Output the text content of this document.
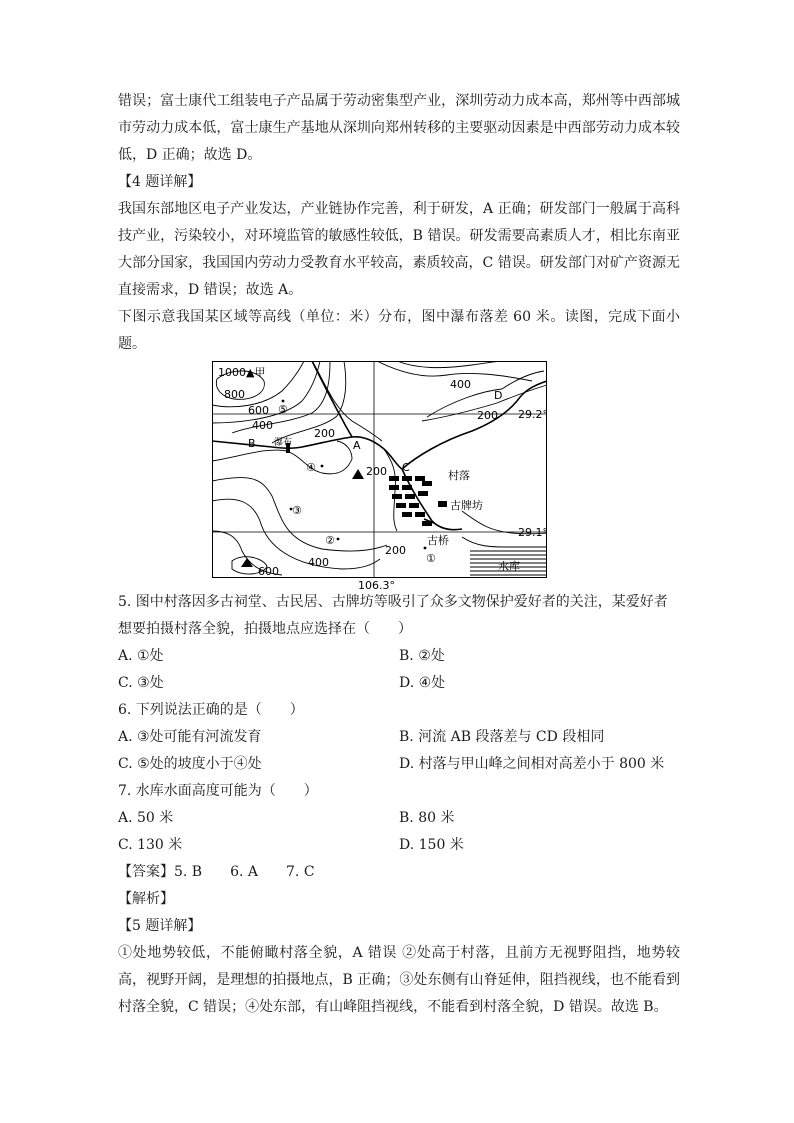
错误；富士康代工组装电子产品属于劳动密集型产业，深圳劳动力成本高，郑州等中西部城市劳动力成本低，富士康生产基地从深圳向郑州转移的主要驱动因素是中西部劳动力成本较低，D 正确；故选 D。

【4 题详解】

我国东部地区电子产业发达，产业链协作完善，利于研发，A 正确；研发部门一般属于高科技产业，污染较小，对环境监管的敏感性较低，B 错误。研发需要高素质人才，相比东南亚大部分国家，我国国内劳动力受教育水平较高，素质较高，C 错误。研发部门对矿产资源无直接需求，D 错误；故选 A。

下图示意我国某区域等高线（单位：米）分布，图中瀑布落差 60 米。读图，完成下面小题。

1000▲甲
800
600 ⑤
400
400
D
200
200
B 瀑布	A
C
村落
④	200
古牌坊
③
古桥
②
200
400	①
水库
600
29.2°
29.1°
106.3°

5. 图中村落因多古祠堂、古民居、古牌坊等吸引了众多文物保护爱好者的关注，某爱好者想要拍摄村落全貌，拍摄地点应选择在（　　）

A. ①处	B. ②处
C. ③处	D. ④处

6. 下列说法正确的是（　　）

A. ③处可能有河流发育	B. 河流 AB 段落差与 CD 段相同
C. ⑤处的坡度小于④处	D. 村落与甲山峰之间相对高差小于 800 米

7. 水库水面高度可能为（　　）

A. 50 米	B. 80 米
C. 130 米	D. 150 米

【答案】5. B　　6. A　　7. C

【解析】

【5 题详解】

①处地势较低，不能俯瞰村落全貌，A 错误 ②处高于村落，且前方无视野阻挡，地势较高，视野开阔，是理想的拍摄地点，B 正确；③处东侧有山脊延伸，阻挡视线，也不能看到村落全貌，C 错误；④处东部，有山峰阻挡视线，不能看到村落全貌，D 错误。故选 B。
